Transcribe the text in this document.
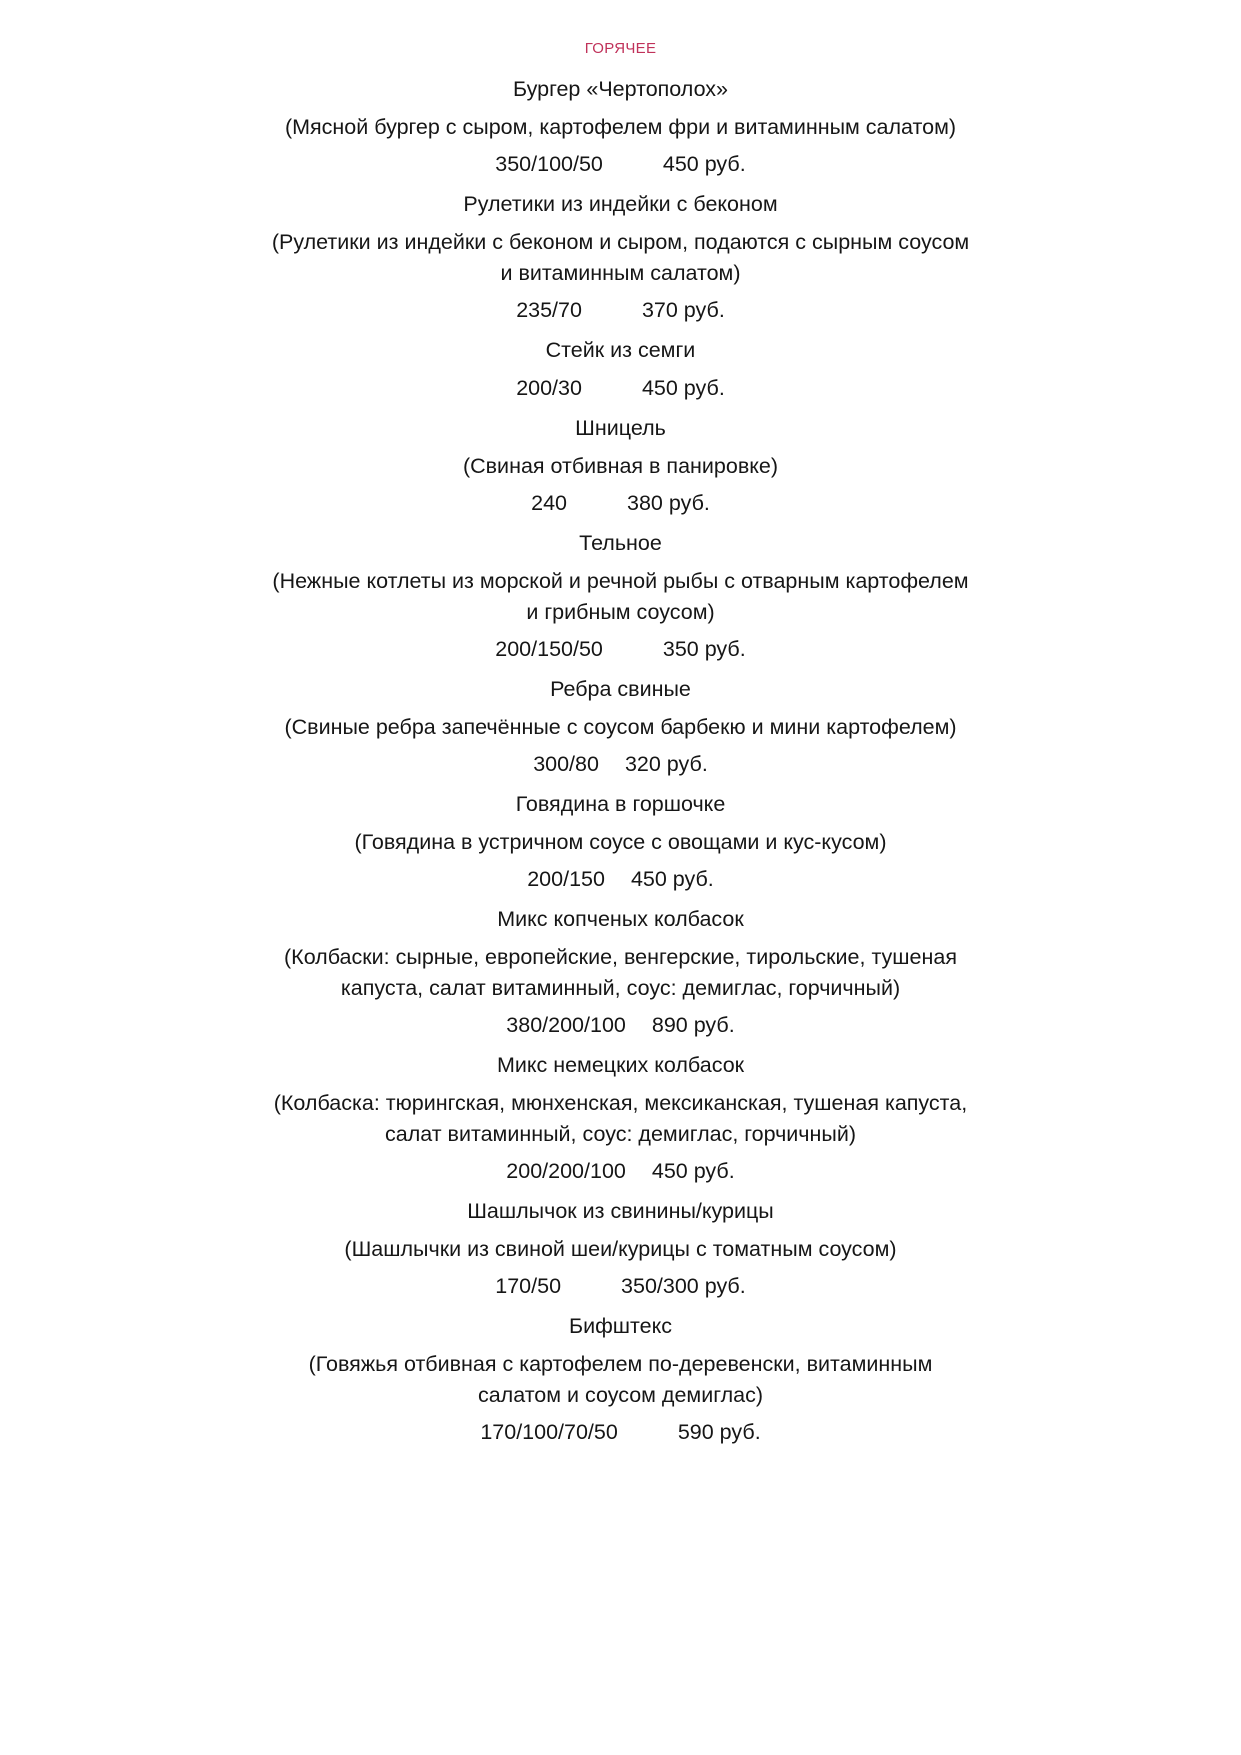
ГОРЯЧЕЕ
Бургер «Чертополох»
(Мясной бургер с сыром, картофелем фри и витаминным салатом)
350/100/50	450 руб.
Рулетики из индейки с беконом
(Рулетики из индейки с беконом и сыром, подаются с сырным соусом и витаминным салатом)
235/70	370 руб.
Стейк из семги
200/30	450 руб.
Шницель
(Свиная отбивная в панировке)
240	380 руб.
Тельное
(Нежные котлеты из морской и речной рыбы с отварным картофелем и грибным соусом)
200/150/50	350 руб.
Ребра свиные
(Свиные ребра запечённые с соусом барбекю и мини картофелем)
300/80 320 руб.
Говядина в горшочке
(Говядина в устричном соусе с овощами и кус-кусом)
200/150 450 руб.
Микс копченых колбасок
(Колбаски: сырные, европейские, венгерские, тирольские, тушеная капуста, салат витаминный, соус: демиглас, горчичный)
380/200/100 890 руб.
Микс немецких колбасок
(Колбаска: тюрингская, мюнхенская, мексиканская, тушеная капуста, салат витаминный, соус: демиглас, горчичный)
200/200/100 450 руб.
Шашлычок из свинины/курицы
(Шашлычки из свиной шеи/курицы с томатным соусом)
170/50	350/300 руб.
Бифштекс
(Говяжья отбивная с картофелем по-деревенски, витаминным салатом и соусом демиглас)
170/100/70/50	590 руб.
